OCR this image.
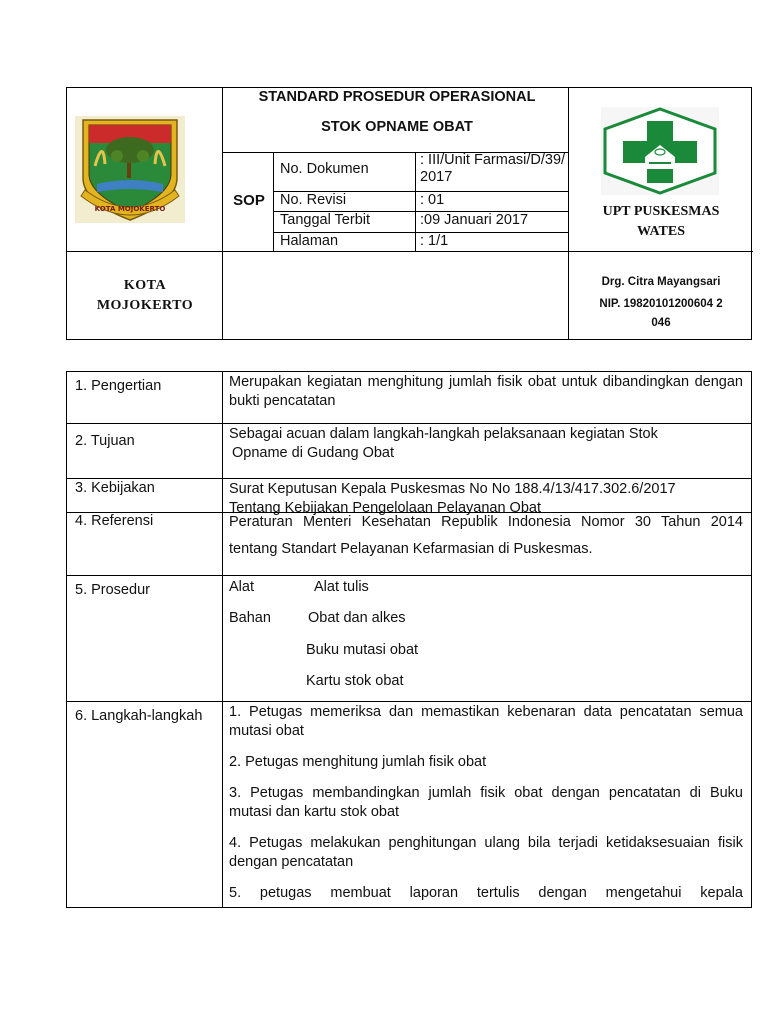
KOTA MOJOKERTO
STANDARD PROSEDUR OPERASIONAL
STOK OPNAME OBAT
SOP
No. Dokumen
: III/Unit Farmasi/D/39/ 2017
No. Revisi	: 01
Tanggal Terbit	:09 Januari 2017
Halaman	: 1/1
KOTA
MOJOKERTO
UPT PUSKESMAS
WATES
Drg. Citra Mayangsari
NIP. 19820101200604 2
046
1. Pengertian	Merupakan kegiatan menghitung jumlah fisik obat untuk dibandingkan dengan bukti pencatatan
2. Tujuan	Sebagai acuan dalam langkah-langkah pelaksanaan kegiatan Stok
Opname di Gudang Obat
3. Kebijakan	Surat Keputusan Kepala Puskesmas No No 188.4/13/417.302.6/2017
Tentang Kebijakan Pengelolaan Pelayanan Obat
4. Referensi	Peraturan Menteri Kesehatan Republik Indonesia Nomor 30 Tahun 2014
tentang Standart Pelayanan Kefarmasian di Puskesmas.
5. Prosedur	Alat	Alat tulis
Bahan	Obat dan alkes
Buku mutasi obat
Kartu stok obat
6. Langkah-langkah	1. Petugas memeriksa dan memastikan kebenaran data pencatatan semua mutasi obat
2. Petugas menghitung jumlah fisik obat
3. Petugas membandingkan jumlah fisik obat dengan pencatatan di Buku mutasi dan kartu stok obat
4. Petugas melakukan penghitungan ulang bila terjadi ketidaksesuaian fisik dengan pencatatan
5. petugas membuat laporan tertulis dengan mengetahui kepala
